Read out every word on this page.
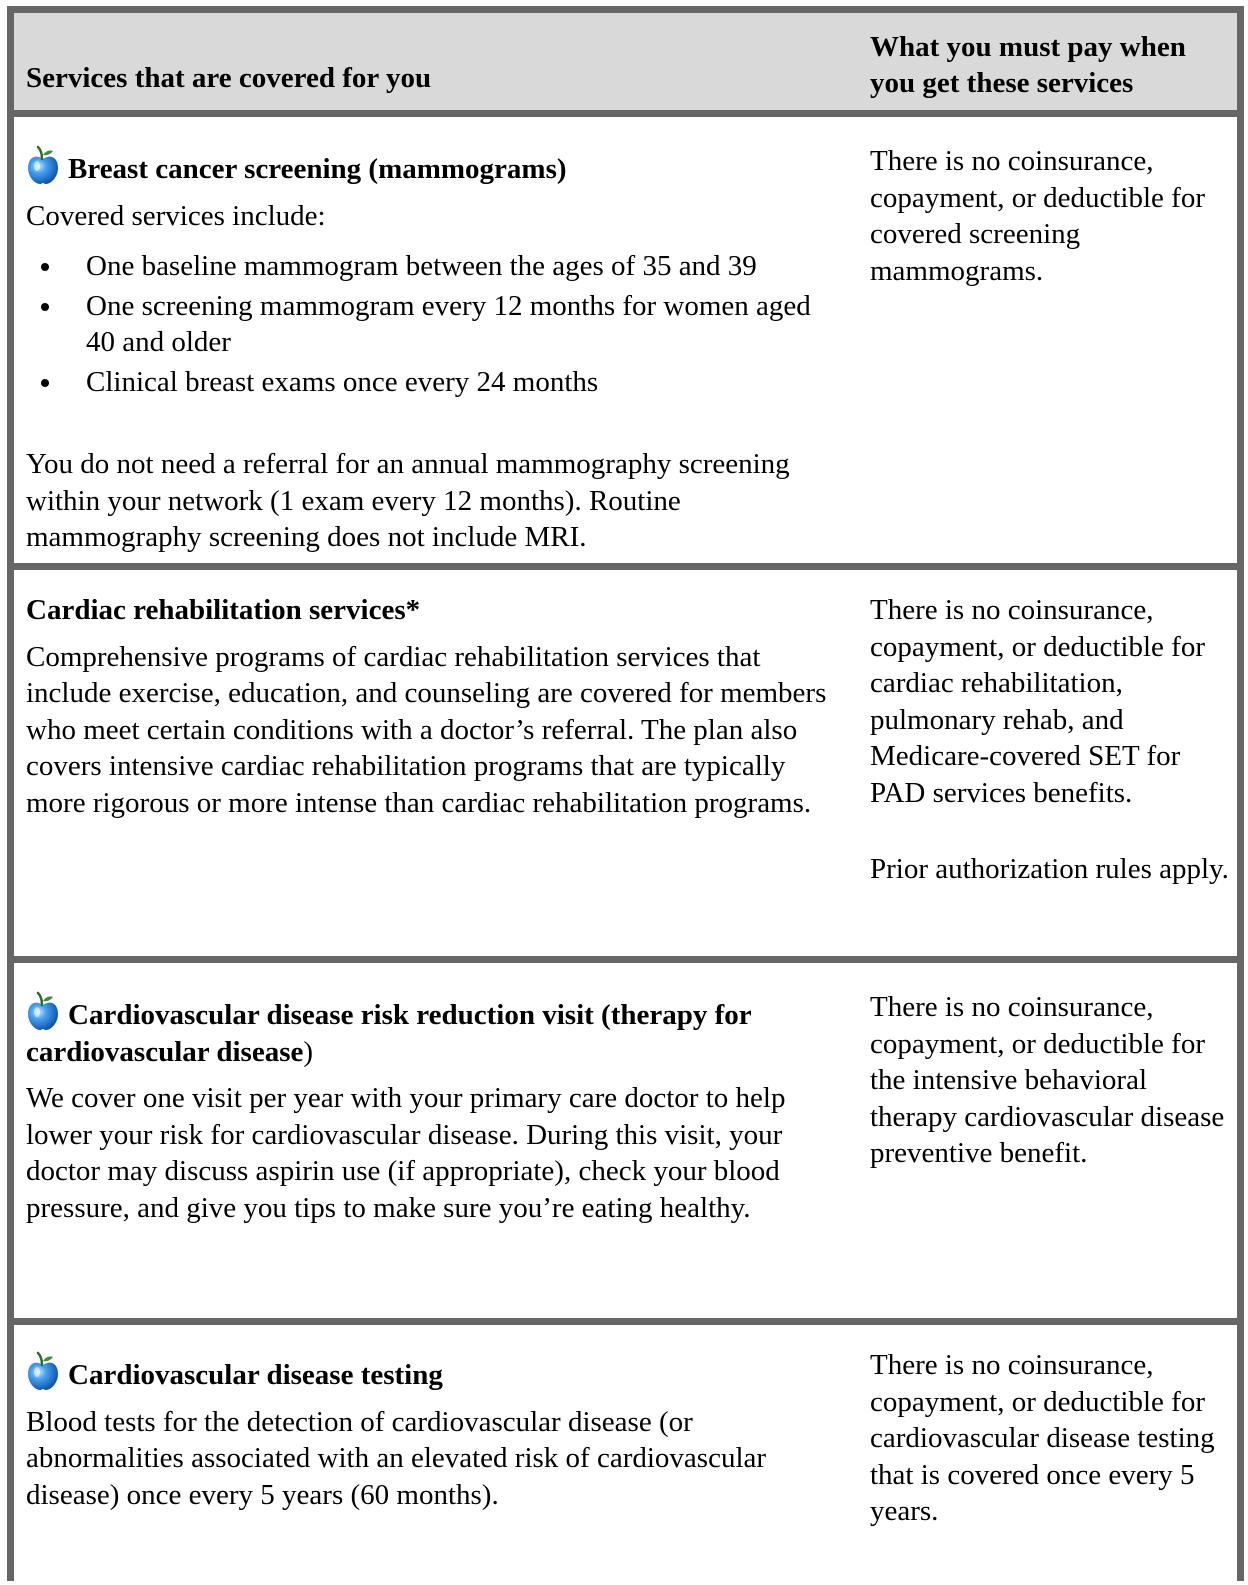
Services that are covered for you
What you must pay when you get these services
Breast cancer screening (mammograms)
Covered services include:
One baseline mammogram between the ages of 35 and 39
One screening mammogram every 12 months for women aged 40 and older
Clinical breast exams once every 24 months
You do not need a referral for an annual mammography screening within your network (1 exam every 12 months). Routine mammography screening does not include MRI.
There is no coinsurance, copayment, or deductible for covered screening mammograms.
Cardiac rehabilitation services*
Comprehensive programs of cardiac rehabilitation services that include exercise, education, and counseling are covered for members who meet certain conditions with a doctor’s referral. The plan also covers intensive cardiac rehabilitation programs that are typically more rigorous or more intense than cardiac rehabilitation programs.
There is no coinsurance, copayment, or deductible for cardiac rehabilitation, pulmonary rehab, and Medicare-covered SET for PAD services benefits.
Prior authorization rules apply.
Cardiovascular disease risk reduction visit (therapy for cardiovascular disease)
We cover one visit per year with your primary care doctor to help lower your risk for cardiovascular disease. During this visit, your doctor may discuss aspirin use (if appropriate), check your blood pressure, and give you tips to make sure you’re eating healthy.
There is no coinsurance, copayment, or deductible for the intensive behavioral therapy cardiovascular disease preventive benefit.
Cardiovascular disease testing
Blood tests for the detection of cardiovascular disease (or abnormalities associated with an elevated risk of cardiovascular disease) once every 5 years (60 months).
There is no coinsurance, copayment, or deductible for cardiovascular disease testing that is covered once every 5 years.
